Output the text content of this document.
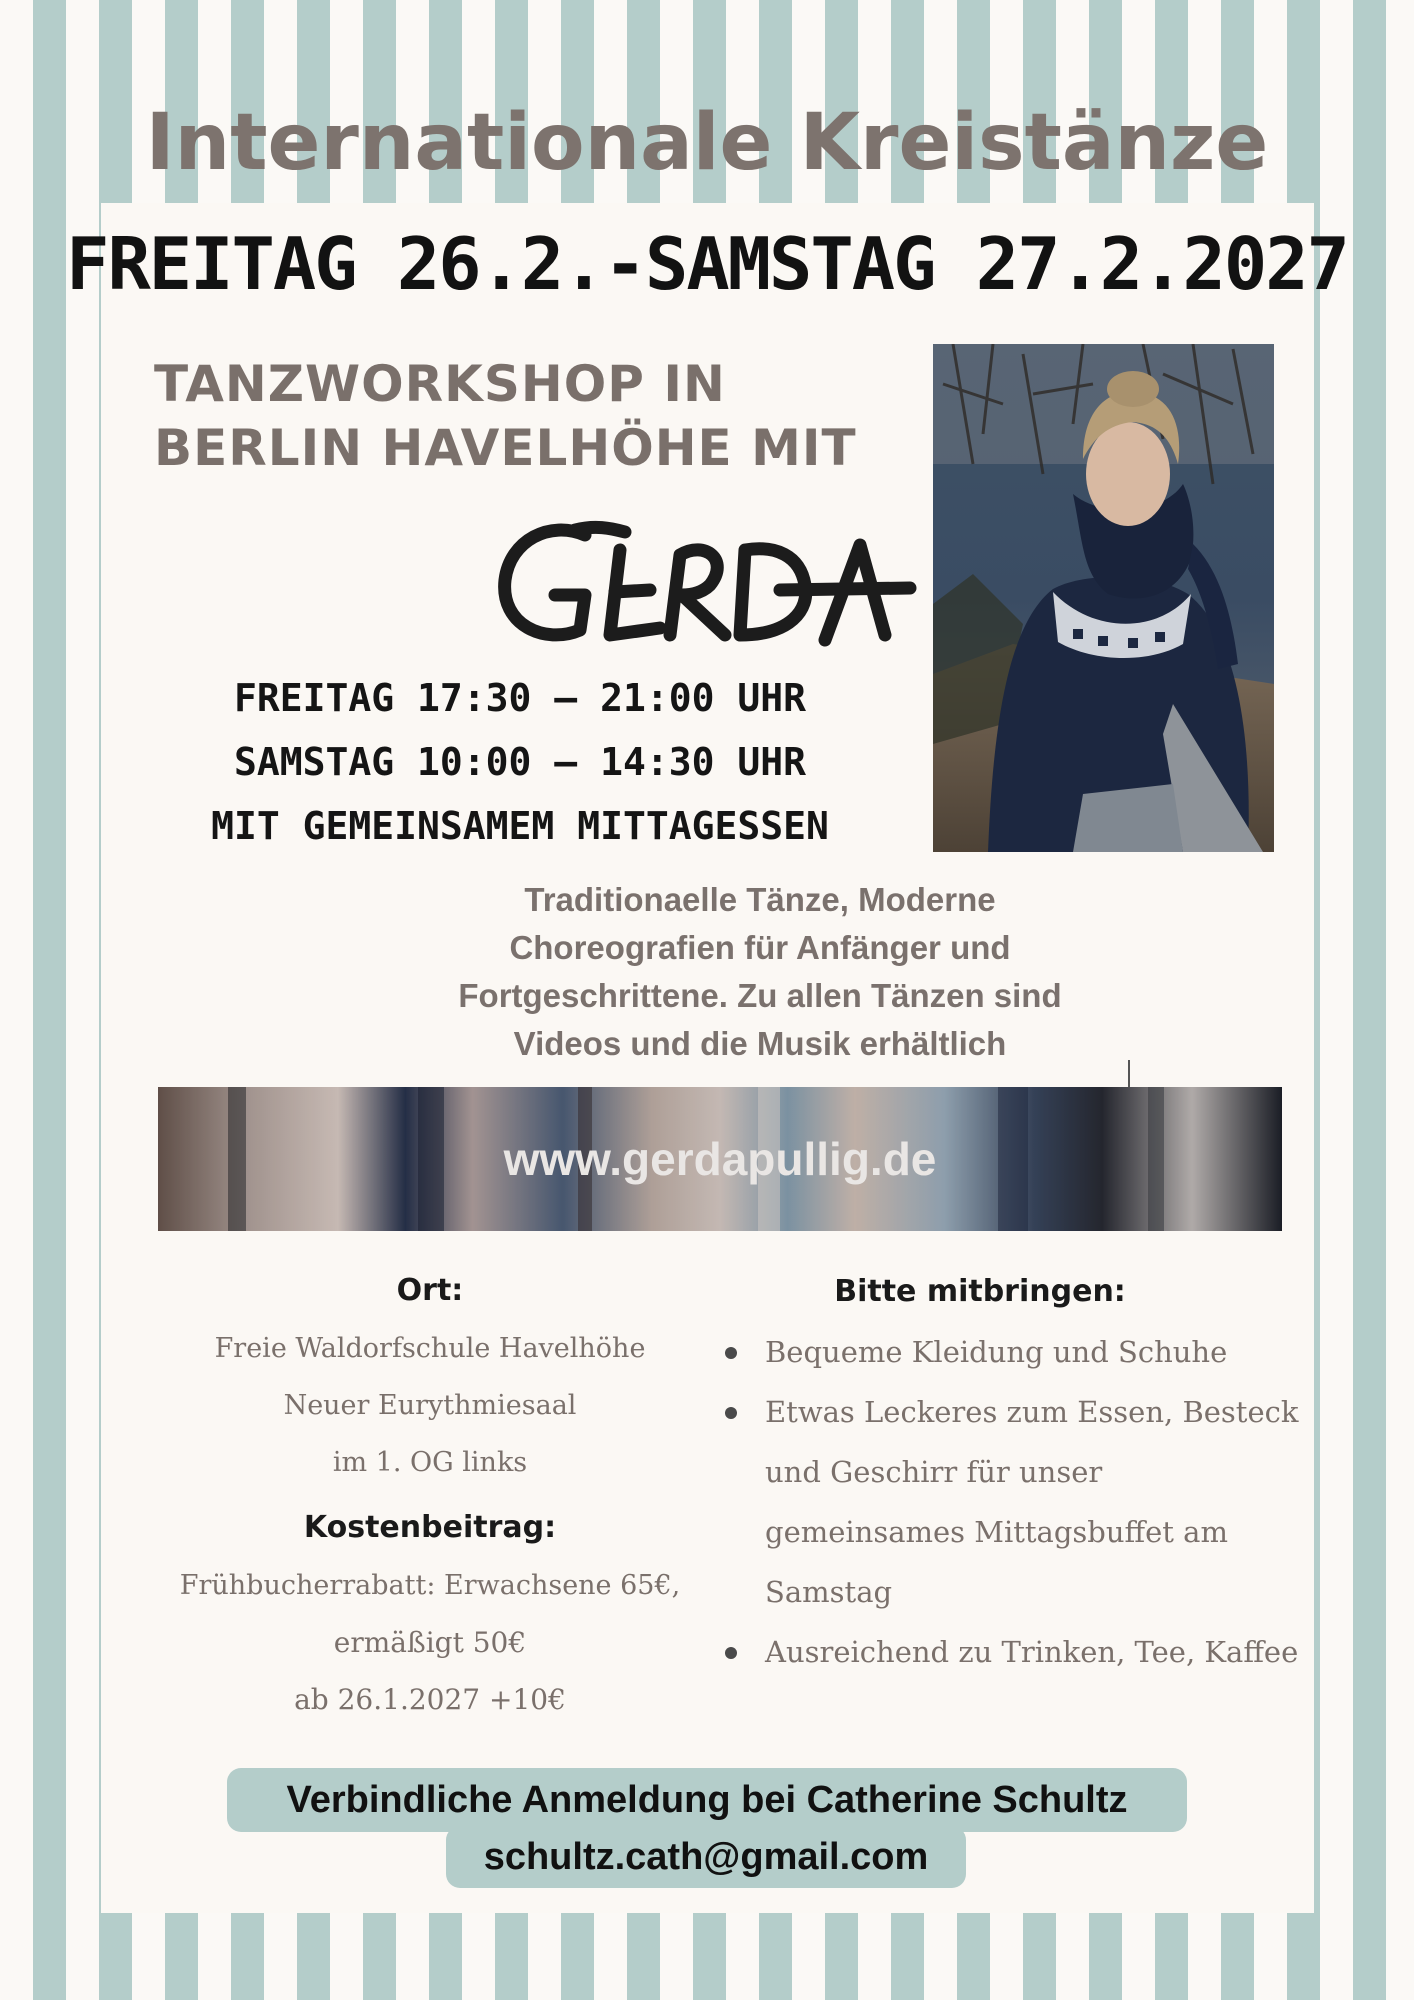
Internationale Kreistänze
FREITAG 26.2.-SAMSTAG 27.2.2027
TANZWORKSHOP IN
BERLIN HAVELHÖHE MIT
FREITAG 17:30 – 21:00 UHR
SAMSTAG 10:00 – 14:30 UHR
MIT GEMEINSAMEM MITTAGESSEN

Traditionaelle Tänze, Moderne
Choreografien für Anfänger und
Fortgeschrittene. Zu allen Tänzen sind
Videos und die Musik erhältlich

www.gerdapullig.de

Ort:

Freie Waldorfschule Havelhöhe

Neuer Eurythmiesaal

im 1. OG links

Kostenbeitrag:

Frühbucherrabatt: Erwachsene 65€,

ermäßigt 50€

ab 26.1.2027 +10€

Bitte mitbringen:

Bequeme Kleidung und Schuhe
Etwas Leckeres zum Essen, Besteck und Geschirr für unser gemeinsames Mittagsbuffet am Samstag
Ausreichend zu Trinken, Tee, Kaffee
Verbindliche Anmeldung bei Catherine Schultz
schultz.cath@gmail.com
